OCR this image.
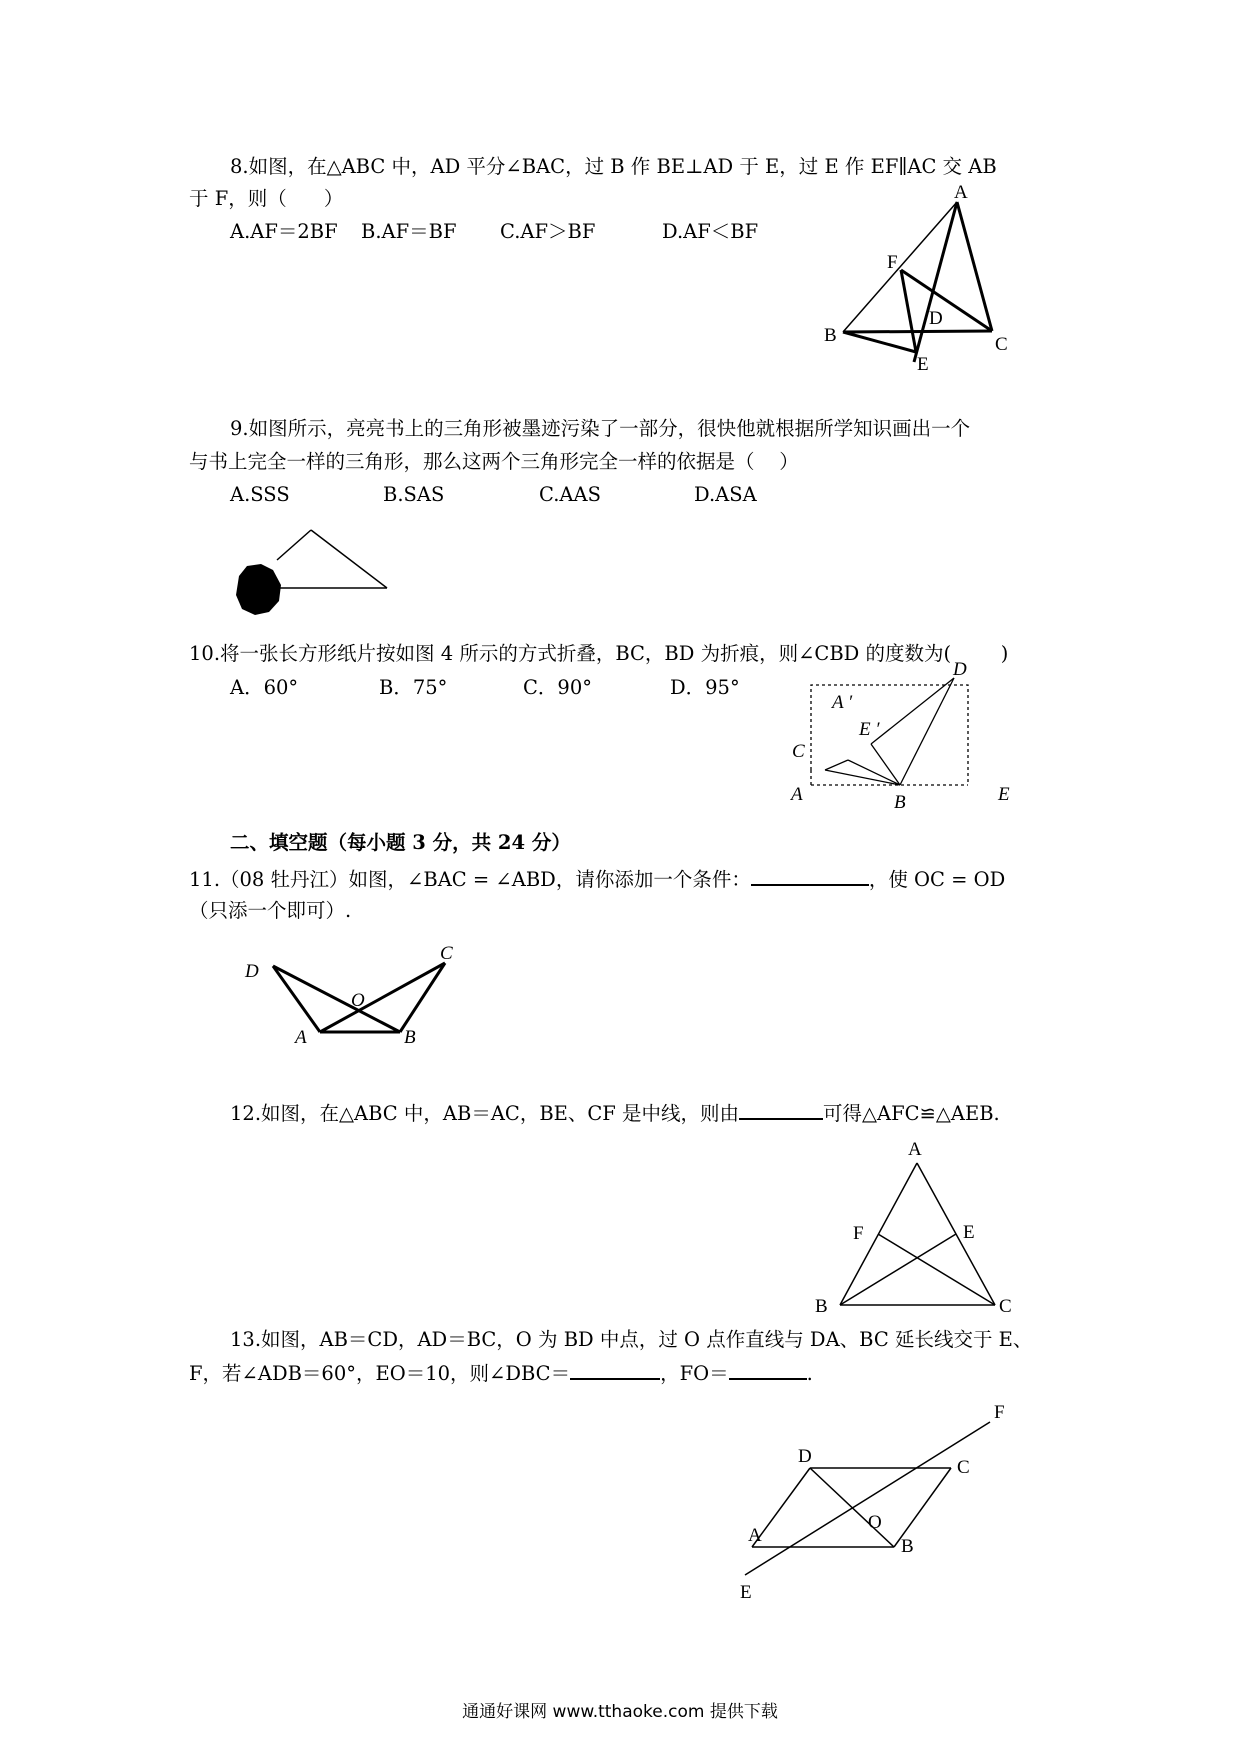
8.如图，在△ABC 中，AD 平分∠BAC，过 B 作 BE⊥AD 于 E，过 E 作 EF∥AC 交 AB
于 F，则（      ）
A.AF＝2BF B.AF＝BF C.AF＞BF	D.AF＜BF
A
B	C
D
E
F
9.如图所示，亮亮书上的三角形被墨迹污染了一部分，很快他就根据所学知识画出一个
与书上完全一样的三角形，那么这两个三角形完全一样的依据是（    ）
A.SSS	B.SAS	C.AAS	D.ASA
10.将一张长方形纸片按如图 4 所示的方式折叠，BC，BD 为折痕，则∠CBD 的度数为(        )
A．60°	B．75°	C．90°	D．95°
D
A ′
E ′
C
A	B	E
二、填空题（每小题 3 分，共 24 分）
11.（08 牡丹江）如图，∠BAC = ∠ABD，请你添加一个条件：	，使 OC = OD
（只添一个即可）.
D
C
O
A	B
12.如图，在△ABC 中，AB＝AC，BE、CF 是中线，则由	可得△AFC≌△AEB.
A
F	E
B	C
13.如图，AB＝CD，AD＝BC，O 为 BD 中点，过 O 点作直线与 DA、BC 延长线交于 E、
F，若∠ADB＝60°，EO＝10，则∠DBC＝	，FO＝	.
F
D
C
O
A
B
E
通通好课网 www.tthaoke.com 提供下载
